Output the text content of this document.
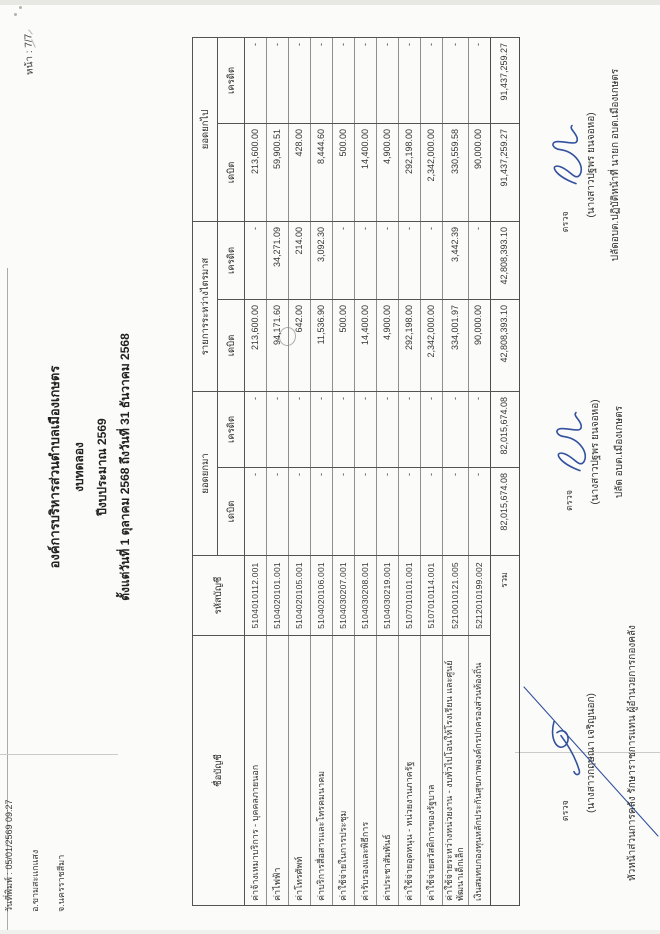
วันที่พิมพ์ : 05/01/2569 09:27 อ.ขามสะแกแสง จ.นครราชสีมา
หน้า : 7/7
องค์การบริหารส่วนตำบลเมืองเกษตร งบทดลอง ปีงบประมาณ 2569 ตั้งแต่วันที่ 1 ตุลาคม 2568 ถึงวันที่ 31 ธันวาคม 2568
ชื่อบัญชี	รหัสบัญชี	ยอดยกมา		รายการระหว่างไตรมาส		ยอดยกไป	
		เดบิต	เครดิต	เดบิต	เครดิต	เดบิต	เครดิต
ค่าจ้างเหมาบริการ - บุคคลภายนอก	5104010112.001	-	-	213,600.00	-	213,600.00	-
ค่าไฟฟ้า	5104020101.001	-	-	94,171.60	34,271.09	59,900.51	-
ค่าโทรศัพท์	5104020105.001	-	-	642.00	214.00	428.00	-
ค่าบริการสื่อสารและโทรคมนาคม	5104020106.001	-	-	11,536.90	3,092.30	8,444.60	-
ค่าใช้จ่ายในการประชุม	5104030207.001	-	-	500.00	-	500.00	-
ค่ารับรองและพิธีการ	5104030208.001	-	-	14,400.00	-	14,400.00	-
ค่าประชาสัมพันธ์	5104030219.001	-	-	4,900.00	-	4,900.00	-
ค่าใช้จ่ายอุดหนุน - หน่วยงานภาครัฐ	5107010101.001	-	-	292,198.00	-	292,198.00	-
ค่าใช้จ่ายสวัสดิการของรัฐบาล	5107010114.001	-	-	2,342,000.00	-	2,342,000.00	-
ค่าใช้จ่ายระหว่างหน่วยงาน - งบทั่วไปโอนให้โรงเรียน และศูนย์พัฒนาเด็กเล็ก	5210010121.005	-	-	334,001.97	3,442.39	330,559.58	-
เงินสมทบกองทุนหลักประกันสุขภาพองค์กรปกครองส่วนท้องถิ่น	5212010199.002	-	-	90,000.00	-	90,000.00	-
รวม		82,015,674.08	82,015,674.08	42,808,393.10	42,808,393.10	91,437,259.27	91,437,259.27
ตรวจ (นางสาวกฤษณา เจริญนอก)	หัวหน้าส่วนการคลัง รักษาราชการแทน ผู้อำนวยการกองคลัง
ตรวจ (นางสาวปฐพร ยนจอหอ) ปลัด อบต.เมืองเกษตร
ตรวจ
(นางสาวปฐพร ยนจอหอ) ปลัดอบต.ปฏิบัติหน้าที่ นายก อบต.เมืองเกษตร
